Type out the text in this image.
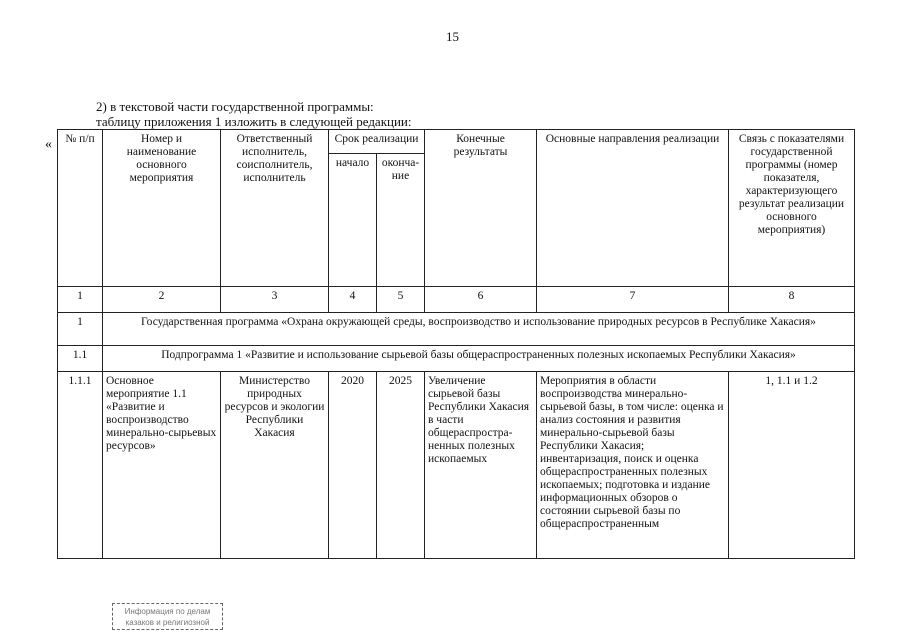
15
2) в текстовой части государственной программы:
таблицу приложения 1 изложить в следующей редакции:
« № п/п	Номер и наименование основного мероприятия	Ответственный исполнитель, соисполнитель, исполнитель	Срок реализации		Конечные результаты	Основные направления реализации	Связь с показателями государственной программы (номер показателя, характеризующего результат реализации основного мероприятия)
			начало	оконча-ние			
1	2	3	4	5	6	7	8
1	Государственная программа «Охрана окружающей среды, воспроизводство и использование природных ресурсов в Республике Хакасия»						
1.1	Подпрограмма 1 «Развитие и использование сырьевой базы общераспространенных полезных ископаемых Республики Хакасия»						
1.1.1	Основное мероприятие 1.1 «Развитие и воспроизводство минерально-сырьевых ресурсов»	Министерство природных ресурсов и экологии Республики Хакасия	2020	2025	Увеличение сырьевой базы Республики Хакасия в части общераспростра-ненных полезных ископаемых	Мероприятия в области воспроизводства минерально-сырьевой базы, в том числе: оценка и анализ состояния и развития минерально-сырьевой базы Республики Хакасия; инвентаризация, поиск и оценка общераспространенных полезных ископаемых; подготовка и издание информационных обзоров о состоянии сырьевой базы по общераспространенным	1, 1.1 и 1.2
Информация по делам
казаков и религиозной
